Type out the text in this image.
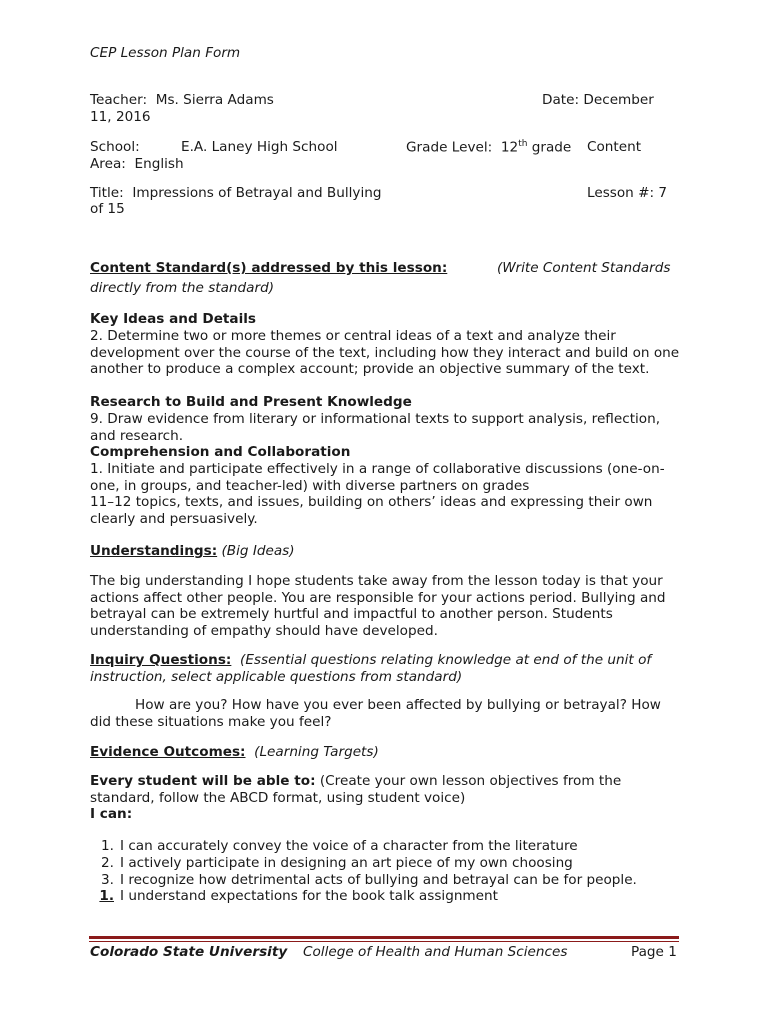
CEP Lesson Plan Form
Teacher: Ms. Sierra Adams	Date: December
11, 2016
School:	E.A. Laney High School	Grade Level: 12th grade Content
Area: English
Title: Impressions of Betrayal and Bullying	Lesson #: 7
of 15
Content Standard(s) addressed by this lesson:	(Write Content Standards
directly from the standard)
Key Ideas and Details
2. Determine two or more themes or central ideas of a text and analyze their development over the course of the text, including how they interact and build on one another to produce a complex account; provide an objective summary of the text.
Research to Build and Present Knowledge
9. Draw evidence from literary or informational texts to support analysis, reflection, and research.
Comprehension and Collaboration
1. Initiate and participate effectively in a range of collaborative discussions (one-on-one, in groups, and teacher-led) with diverse partners on grades
11–12 topics, texts, and issues, building on others’ ideas and expressing their own clearly and persuasively.
Understandings: (Big Ideas)
The big understanding I hope students take away from the lesson today is that your actions affect other people. You are responsible for your actions period. Bullying and betrayal can be extremely hurtful and impactful to another person. Students understanding of empathy should have developed.
Inquiry Questions: (Essential questions relating knowledge at end of the unit of instruction, select applicable questions from standard)
How are you? How have you ever been affected by bullying or betrayal? How
did these situations make you feel?
Evidence Outcomes: (Learning Targets)
Every student will be able to: (Create your own lesson objectives from the standard, follow the ABCD format, using student voice)
I can:
1. I can accurately convey the voice of a character from the literature
2. I actively participate in designing an art piece of my own choosing
3. I recognize how detrimental acts of bullying and betrayal can be for people.
1. I understand expectations for the book talk assignment
Colorado State University College of Health and Human Sciences	Page 1
